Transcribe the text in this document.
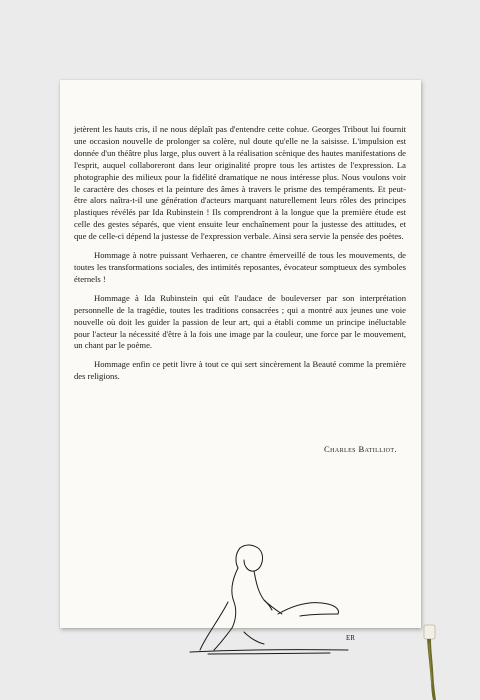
jetèrent les hauts cris, il ne nous déplaît pas d'entendre cette cohue. Georges Tribout lui fournit une occasion nouvelle de prolonger sa colère, nul doute qu'elle ne la saisisse. L'impulsion est donnée d'un théâtre plus large, plus ouvert à la réalisation scènique des hautes manifestations de l'esprit, auquel collaboreront dans leur originalité propre tous les artistes de l'expression. La photographie des milieux pour la fidélité dramatique ne nous intéresse plus. Nous voulons voir le caractère des choses et la peinture des âmes à travers le prisme des tempéraments. Et peut-être alors naîtra-t-il une génération d'acteurs marquant naturellement leurs rôles des principes plastiques révélés par Ida Rubinstein ! Ils comprendront à la longue que la première étude est celle des gestes séparés, que vient ensuite leur enchaînement pour la justesse des attitudes, et que de celle-ci dépend la justesse de l'expression verbale. Ainsi sera servie la pensée des poètes.

Hommage à notre puissant Verhaeren, ce chantre émerveillé de tous les mouvements, de toutes les transformations sociales, des intimités reposantes, évocateur somptueux des symboles éternels !

Hommage à Ida Rubinstein qui eût l'audace de bouleverser par son interprétation personnelle de la tragédie, toutes les traditions consacrées ; qui a montré aux jeunes une voie nouvelle où doit les guider la passion de leur art, qui a établi comme un principe inéluctable pour l'acteur la nécessité d'être à la fois une image par la couleur, une force par le mouvement, un chant par le poème.

Hommage enfin ce petit livre à tout ce qui sert sincèrement la Beauté comme la première des religions.

Charles Batilliot.
ER
